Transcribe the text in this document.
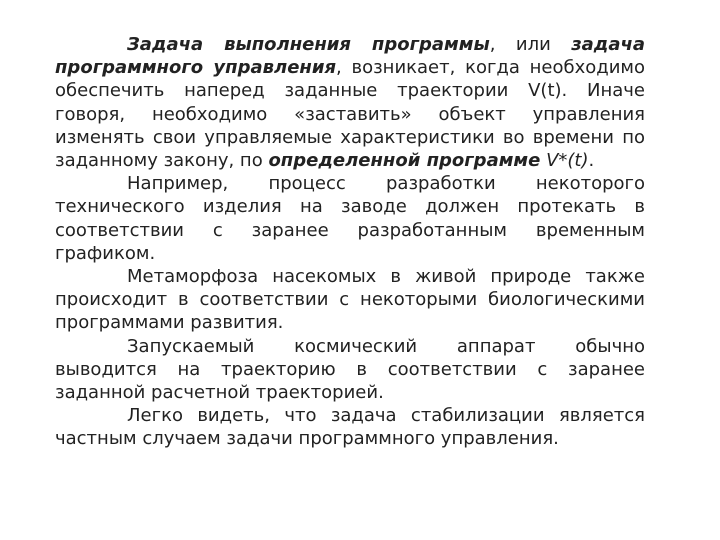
Задача выполнения программы, или задача программного управления, возникает, когда необходимо обеспечить наперед заданные траектории V(t). Иначе говоря, необходимо «заставить» объект управления изменять свои управляемые характеристики во времени по заданному закону, по определенной программе V*(t).

Например, процесс разработки некоторого технического изделия на заводе должен протекать в соответствии с заранее разработанным временным графиком.

Метаморфоза насекомых в живой природе также происходит в соответствии с некоторыми биологическими программами развития.

Запускаемый космический аппарат обычно выводится на траекторию в соответствии с заранее заданной расчетной траекторией.

Легко видеть, что задача стабилизации является частным случаем задачи программного управления.
